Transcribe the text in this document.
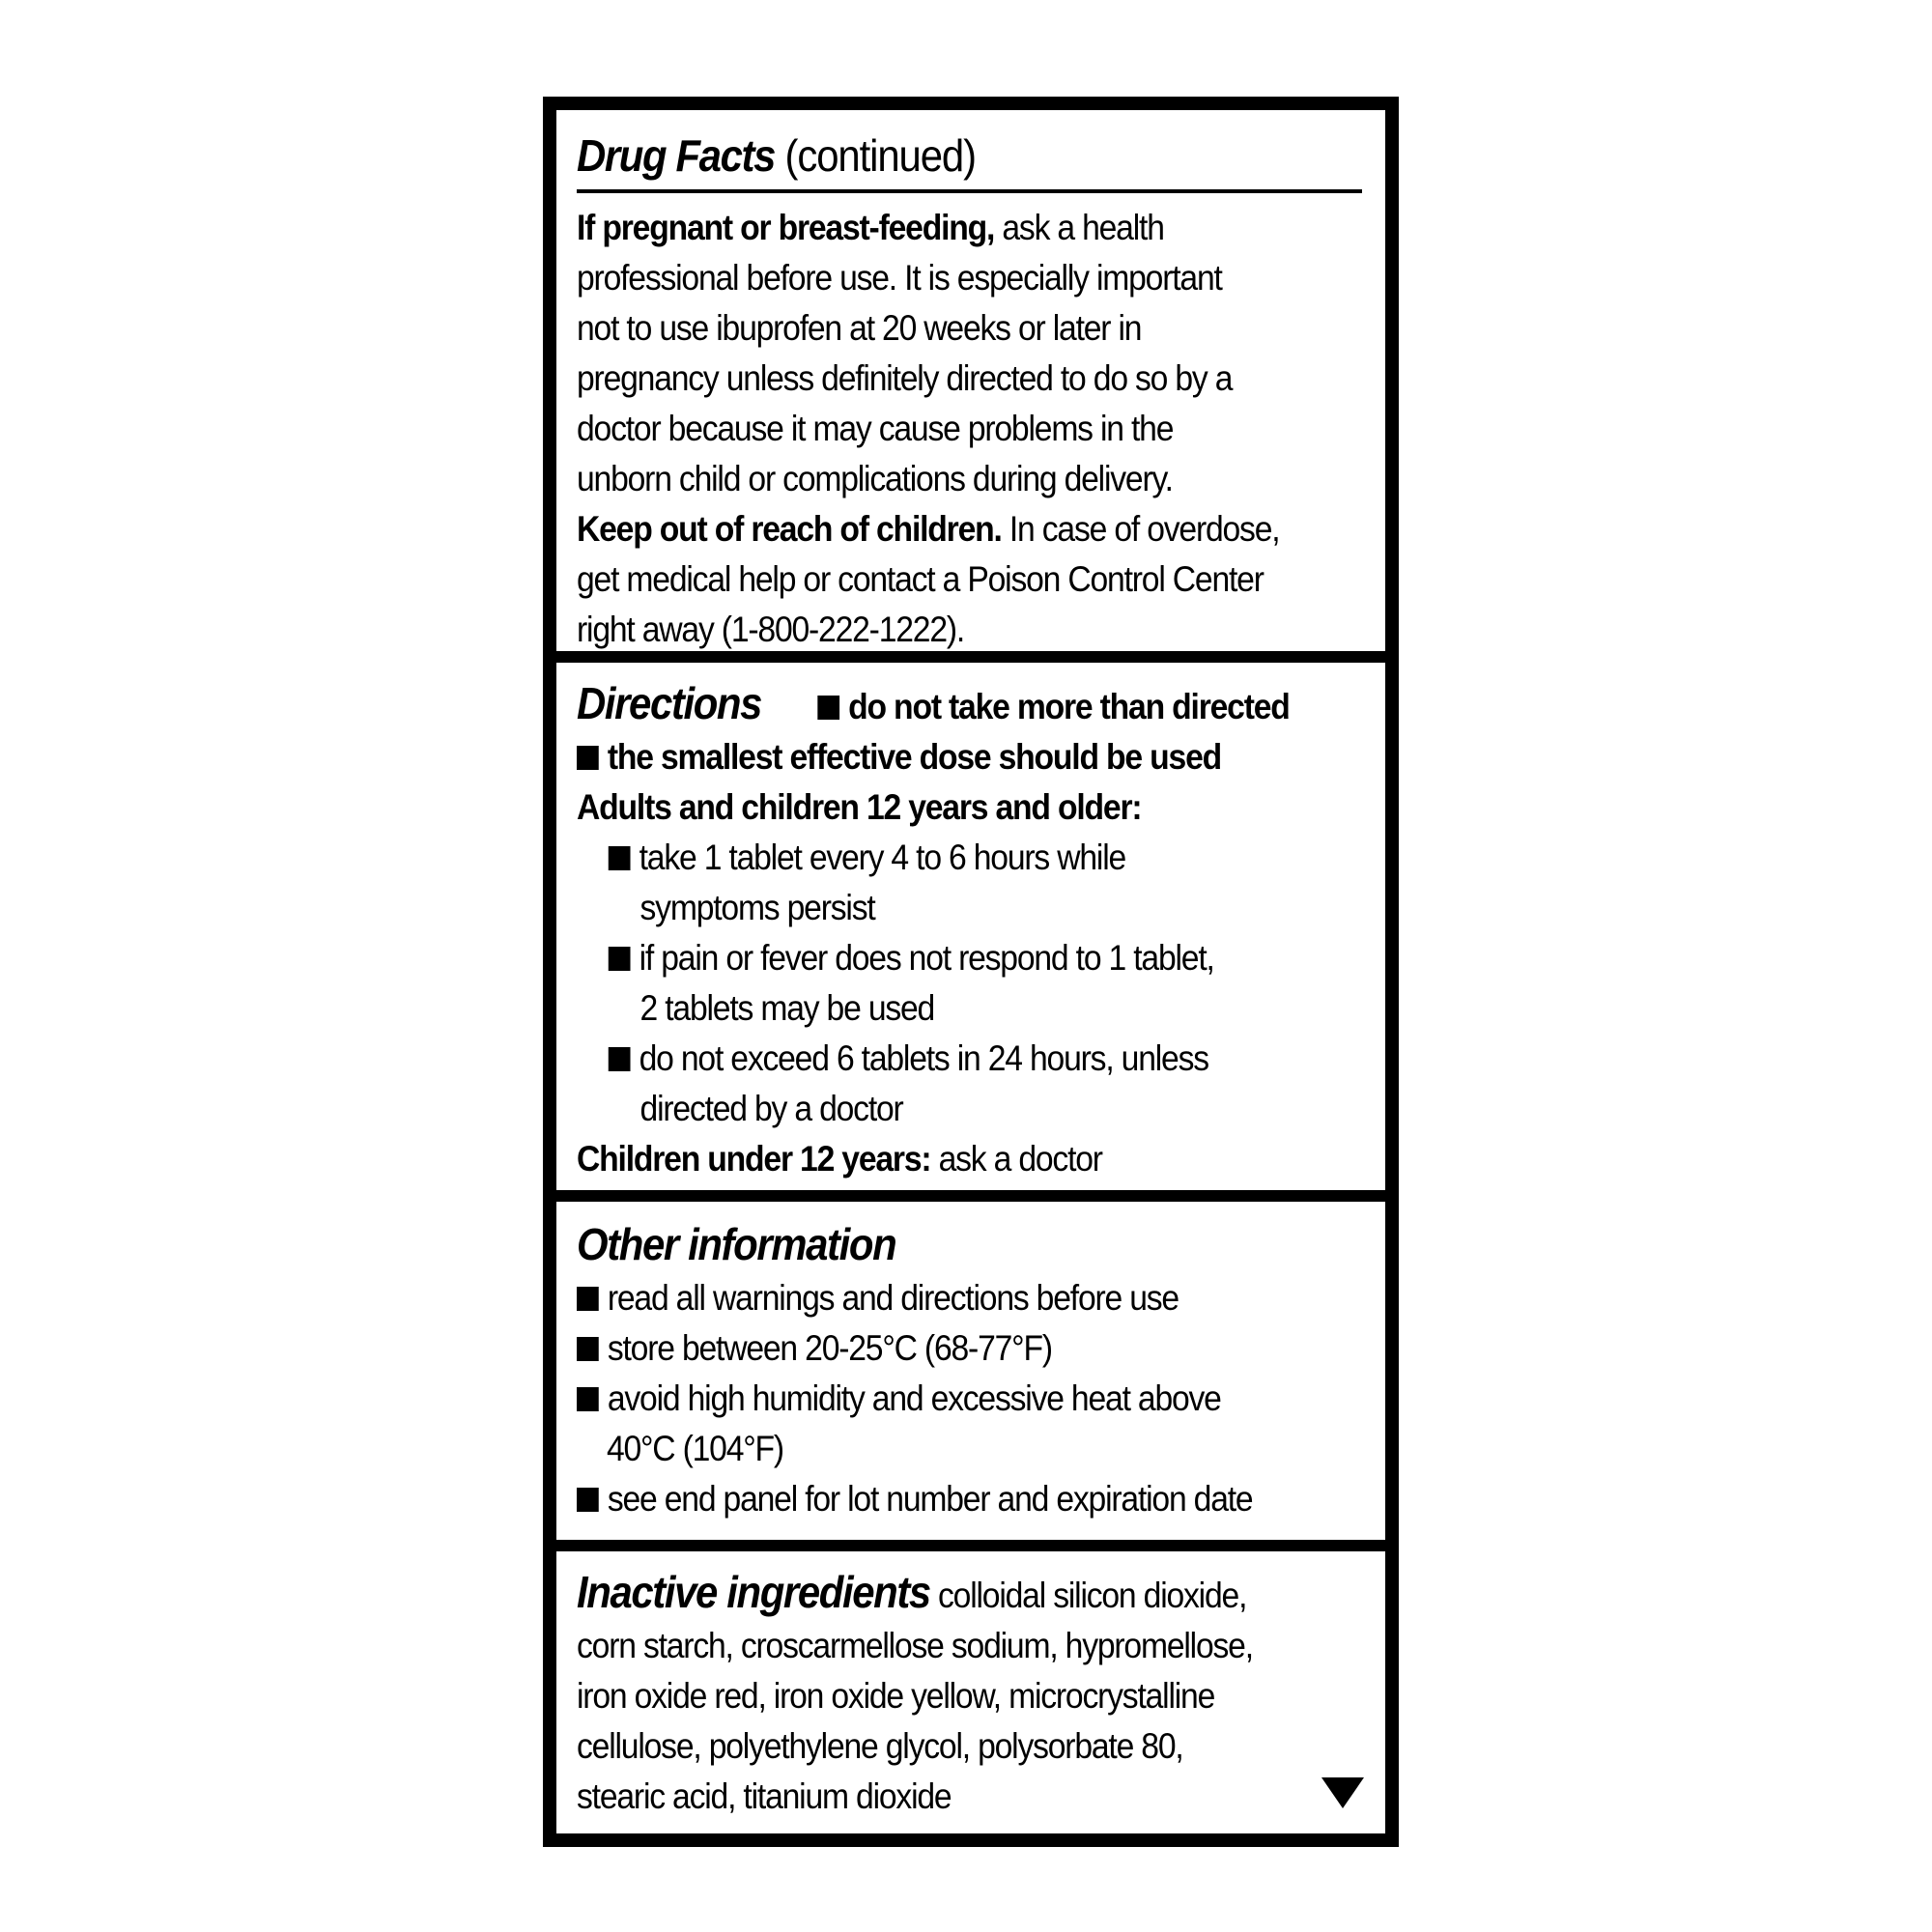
Drug Facts (continued)
If pregnant or breast-feeding, ask a health
professional before use. It is especially important
not to use ibuprofen at 20 weeks or later in
pregnancy unless definitely directed to do so by a
doctor because it may cause problems in the
unborn child or complications during delivery.
Keep out of reach of children. In case of overdose,
get medical help or contact a Poison Control Center
right away (1-800-222-1222).
Directions do not take more than directed
the smallest effective dose should be used
Adults and children 12 years and older:
take 1 tablet every 4 to 6 hours while
symptoms persist
if pain or fever does not respond to 1 tablet,
2 tablets may be used
do not exceed 6 tablets in 24 hours, unless
directed by a doctor
Children under 12 years: ask a doctor
Other information
read all warnings and directions before use
store between 20-25°C (68-77°F)
avoid high humidity and excessive heat above
40°C (104°F)
see end panel for lot number and expiration date
Inactive ingredients colloidal silicon dioxide,
corn starch, croscarmellose sodium, hypromellose,
iron oxide red, iron oxide yellow, microcrystalline
cellulose, polyethylene glycol, polysorbate 80,
stearic acid, titanium dioxide
